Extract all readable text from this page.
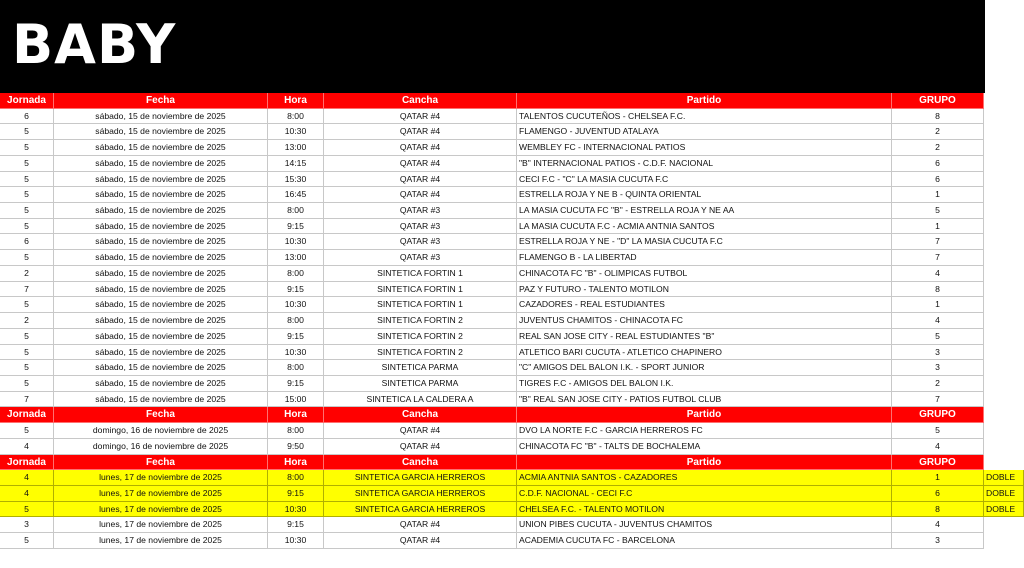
BABY
Jornada	Fecha	Hora	Cancha	Partido	GRUPO
6	sábado, 15 de noviembre de 2025	8:00	QATAR #4	TALENTOS CUCUTEÑOS - CHELSEA F.C.	8
5	sábado, 15 de noviembre de 2025	10:30	QATAR #4	FLAMENGO - JUVENTUD ATALAYA	2
5	sábado, 15 de noviembre de 2025	13:00	QATAR #4	WEMBLEY FC - INTERNACIONAL PATIOS	2
5	sábado, 15 de noviembre de 2025	14:15	QATAR #4	"B" INTERNACIONAL PATIOS - C.D.F. NACIONAL	6
5	sábado, 15 de noviembre de 2025	15:30	QATAR #4	CECI F.C - "C" LA MASIA CUCUTA F.C	6
5	sábado, 15 de noviembre de 2025	16:45	QATAR #4	ESTRELLA ROJA Y NE B - QUINTA ORIENTAL	1
5	sábado, 15 de noviembre de 2025	8:00	QATAR #3	LA MASIA CUCUTA FC "B" - ESTRELLA ROJA Y NE AA	5
5	sábado, 15 de noviembre de 2025	9:15	QATAR #3	LA MASIA CUCUTA F.C - ACMIA ANTNIA SANTOS	1
6	sábado, 15 de noviembre de 2025	10:30	QATAR #3	ESTRELLA ROJA Y NE - "D" LA MASIA CUCUTA F.C	7
5	sábado, 15 de noviembre de 2025	13:00	QATAR #3	FLAMENGO B - LA LIBERTAD	7
2	sábado, 15 de noviembre de 2025	8:00	SINTETICA FORTIN 1	CHINACOTA FC "B" - OLIMPICAS FUTBOL	4
7	sábado, 15 de noviembre de 2025	9:15	SINTETICA FORTIN 1	PAZ Y FUTURO - TALENTO MOTILON	8
5	sábado, 15 de noviembre de 2025	10:30	SINTETICA FORTIN 1	CAZADORES - REAL ESTUDIANTES	1
2	sábado, 15 de noviembre de 2025	8:00	SINTETICA FORTIN 2	JUVENTUS CHAMITOS - CHINACOTA FC	4
5	sábado, 15 de noviembre de 2025	9:15	SINTETICA FORTIN 2	REAL SAN JOSE CITY - REAL ESTUDIANTES "B"	5
5	sábado, 15 de noviembre de 2025	10:30	SINTETICA FORTIN 2	ATLETICO BARI CUCUTA - ATLETICO CHAPINERO	3
5	sábado, 15 de noviembre de 2025	8:00	SINTETICA PARMA	"C" AMIGOS DEL BALON I.K. - SPORT JUNIOR	3
5	sábado, 15 de noviembre de 2025	9:15	SINTETICA PARMA	TIGRES F.C - AMIGOS DEL BALON I.K.	2
7	sábado, 15 de noviembre de 2025	15:00	SINTETICA LA CALDERA A	"B" REAL SAN JOSE CITY - PATIOS FUTBOL CLUB	7
Jornada	Fecha	Hora	Cancha	Partido	GRUPO
5	domingo, 16 de noviembre de 2025	8:00	QATAR #4	DVO LA NORTE F.C - GARCIA HERREROS FC	5
4	domingo, 16 de noviembre de 2025	9:50	QATAR #4	CHINACOTA FC "B" - TALTS DE BOCHALEMA	4
Jornada	Fecha	Hora	Cancha	Partido	GRUPO
4	lunes, 17 de noviembre de 2025	8:00	SINTETICA GARCIA HERREROS	ACMIA ANTNIA SANTOS - CAZADORES	1	DOBLE
4	lunes, 17 de noviembre de 2025	9:15	SINTETICA GARCIA HERREROS	C.D.F. NACIONAL - CECI F.C	6	DOBLE
5	lunes, 17 de noviembre de 2025	10:30	SINTETICA GARCIA HERREROS	CHELSEA F.C. - TALENTO MOTILON	8	DOBLE
3	lunes, 17 de noviembre de 2025	9:15	QATAR #4	UNION PIBES CUCUTA - JUVENTUS CHAMITOS	4
5	lunes, 17 de noviembre de 2025	10:30	QATAR #4	ACADEMIA CUCUTA FC - BARCELONA	3
